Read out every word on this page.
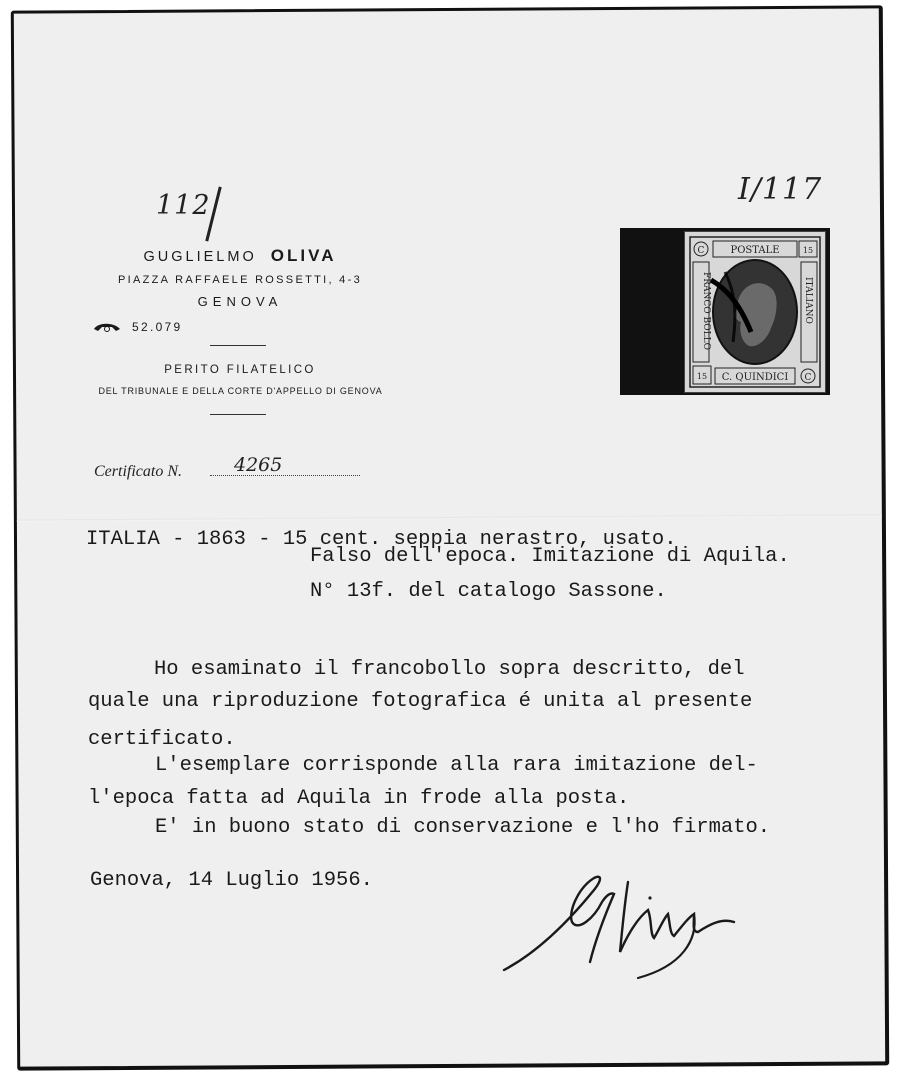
112	I/117
GUGLIELMO OLIVA
PIAZZA RAFFAELE ROSSETTI, 4-3
GENOVA
52.079
PERITO FILATELICO
DEL TRIBUNALE E DELLA CORTE D'APPELLO DI GENOVA
Certificato N.	4265
POSTALE
C	15
FRANCO BOLLO	ITALIANO
15 C. QUINDICI C
ITALIA - 1863 - 15 cent. seppia nerastro, usato.
Falso dell'epoca. Imitazione di Aquila.
N° 13f. del catalogo Sassone.
Ho esaminato il francobollo sopra descritto, del
quale una riproduzione fotografica é unita al presente
certificato.
L'esemplare corrisponde alla rara imitazione del-
l'epoca fatta ad Aquila in frode alla posta.
E' in buono stato di conservazione e l'ho firmato.
Genova, 14 Luglio 1956.
